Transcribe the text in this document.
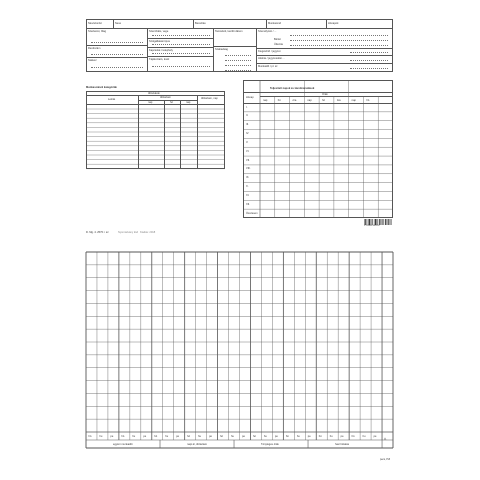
Név/azonító	Neve	Beosztás	Munkarend	Hónapok
Szerkezet, főág
Rendszám
Státusz
Szerződés, vege
Szolgáltatási tipus
Kapcsolat / telephely
Tájékoztató, levél
Tanúsított, kezdő dátum
Szabadság
Személyzeti / ...
Bérlet
Útleírás
Kiegészítő / jegyzet
Aláírás / jegyzetelési ...
Munkaidő / pl. sz.
Munkaszüneti kategóriák
Időszakok
Leírás
Időtartam
nap	hó	nap
Időtartam, nap
Teljesített napok és távolmaradások
Órák
Hónap
I.
II.
III.
IV.
V.
VI.
VII.
VIII.
IX.
X.
XI.
XII.
Összesen
nap	hó	óra	nap	hó	óra	nap	hó
D. Mg. 4. 2570 r. sz.	Nyomtatvány kód Kiadás: 2018
5 999886 063459
hó	hu	pe	hó	hu	pe	hó	hu	pe	hó	hu	pe	hó	hu	pe	hó	hu	pe	hó	hu	pe	hó	hu	pe	hó	hu	pe
egyéni munkaidő	napi ár, időtartam	Tényleges órák	havi futtatás
Ö.
pecs, Pdf
